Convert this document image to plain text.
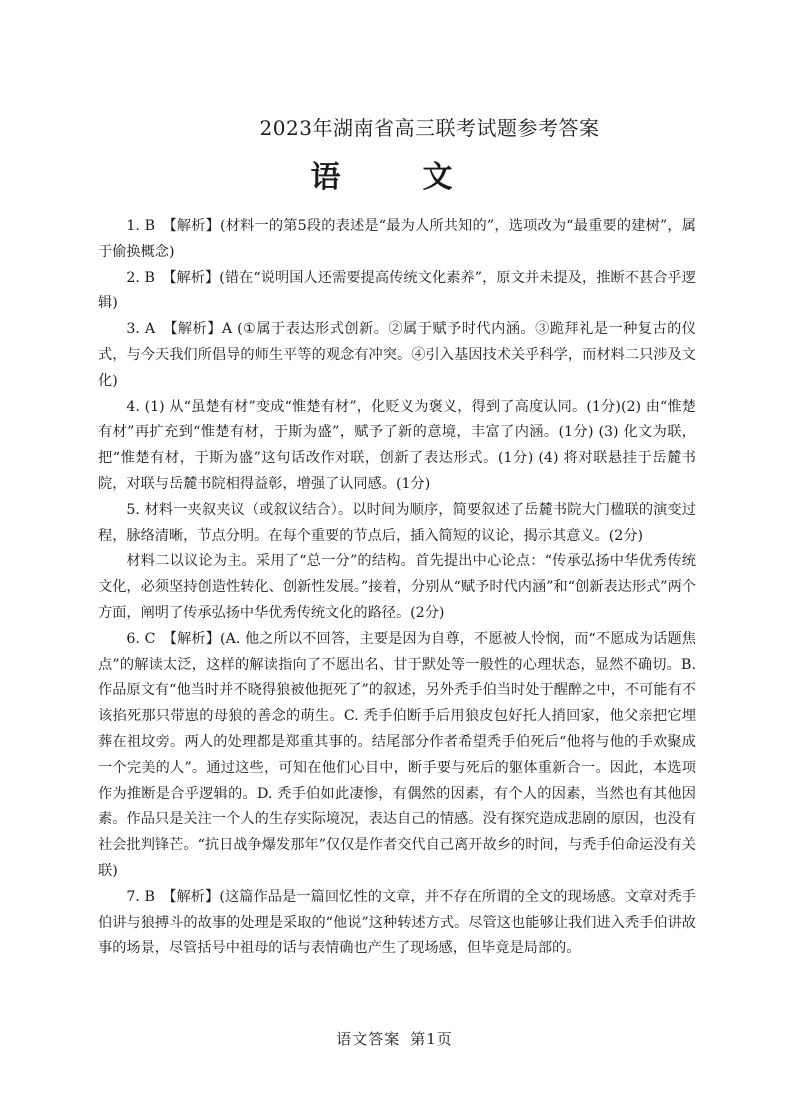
2023年湖南省高三联考试题参考答案
语　文

1. B　【解析】(材料一的第5段的表述是“最为人所共知的”，选项改为“最重要的建树”，属于偷换概念)

2. B　【解析】(错在“说明国人还需要提高传统文化素养”，原文并未提及，推断不甚合乎逻辑)

3. A　【解析】A (①属于表达形式创新。②属于赋予时代内涵。③跪拜礼是一种复古的仪式，与今天我们所倡导的师生平等的观念有冲突。④引入基因技术关乎科学，而材料二只涉及文化)

4. (1) 从“虽楚有材”变成“惟楚有材”，化贬义为褒义，得到了高度认同。(1分)(2) 由“惟楚有材”再扩充到“惟楚有材，于斯为盛”，赋予了新的意境，丰富了内涵。(1分) (3) 化文为联，把“惟楚有材，于斯为盛”这句话改作对联，创新了表达形式。(1分) (4) 将对联悬挂于岳麓书院，对联与岳麓书院相得益彰，增强了认同感。(1分)

5. 材料一夹叙夹议（或叙议结合）。以时间为顺序，简要叙述了岳麓书院大门楹联的演变过程，脉络清晰，节点分明。在每个重要的节点后，插入简短的议论，揭示其意义。(2分)

材料二以议论为主。采用了“总一分”的结构。首先提出中心论点：“传承弘扬中华优秀传统文化，必须坚持创造性转化、创新性发展。”接着，分别从“赋予时代内涵”和“创新表达形式”两个方面，阐明了传承弘扬中华优秀传统文化的路径。(2分)

6. C　【解析】(A. 他之所以不回答，主要是因为自尊，不愿被人怜悯，而“不愿成为话题焦点”的解读太泛，这样的解读指向了不愿出名、甘于默处等一般性的心理状态，显然不确切。B. 作品原文有“他当时并不晓得狼被他扼死了”的叙述，另外秃手伯当时处于醒醉之中，不可能有不该掐死那只带崽的母狼的善念的萌生。C. 秃手伯断手后用狼皮包好托人捎回家，他父亲把它埋葬在祖坟旁。两人的处理都是郑重其事的。结尾部分作者希望秃手伯死后“他将与他的手欢聚成一个完美的人”。通过这些，可知在他们心目中，断手要与死后的躯体重新合一。因此，本选项作为推断是合乎逻辑的。D. 秃手伯如此凄惨，有偶然的因素，有个人的因素，当然也有其他因素。作品只是关注一个人的生存实际境况，表达自己的情感。没有探究造成悲剧的原因，也没有社会批判锋芒。“抗日战争爆发那年”仅仅是作者交代自己离开故乡的时间，与秃手伯命运没有关联)

7. B　【解析】(这篇作品是一篇回忆性的文章，并不存在所谓的全文的现场感。文章对秃手伯讲与狼搏斗的故事的处理是采取的“他说”这种转述方式。尽管这也能够让我们进入秃手伯讲故事的场景，尽管括号中祖母的话与表情确也产生了现场感，但毕竟是局部的。

语文答案 第1页
